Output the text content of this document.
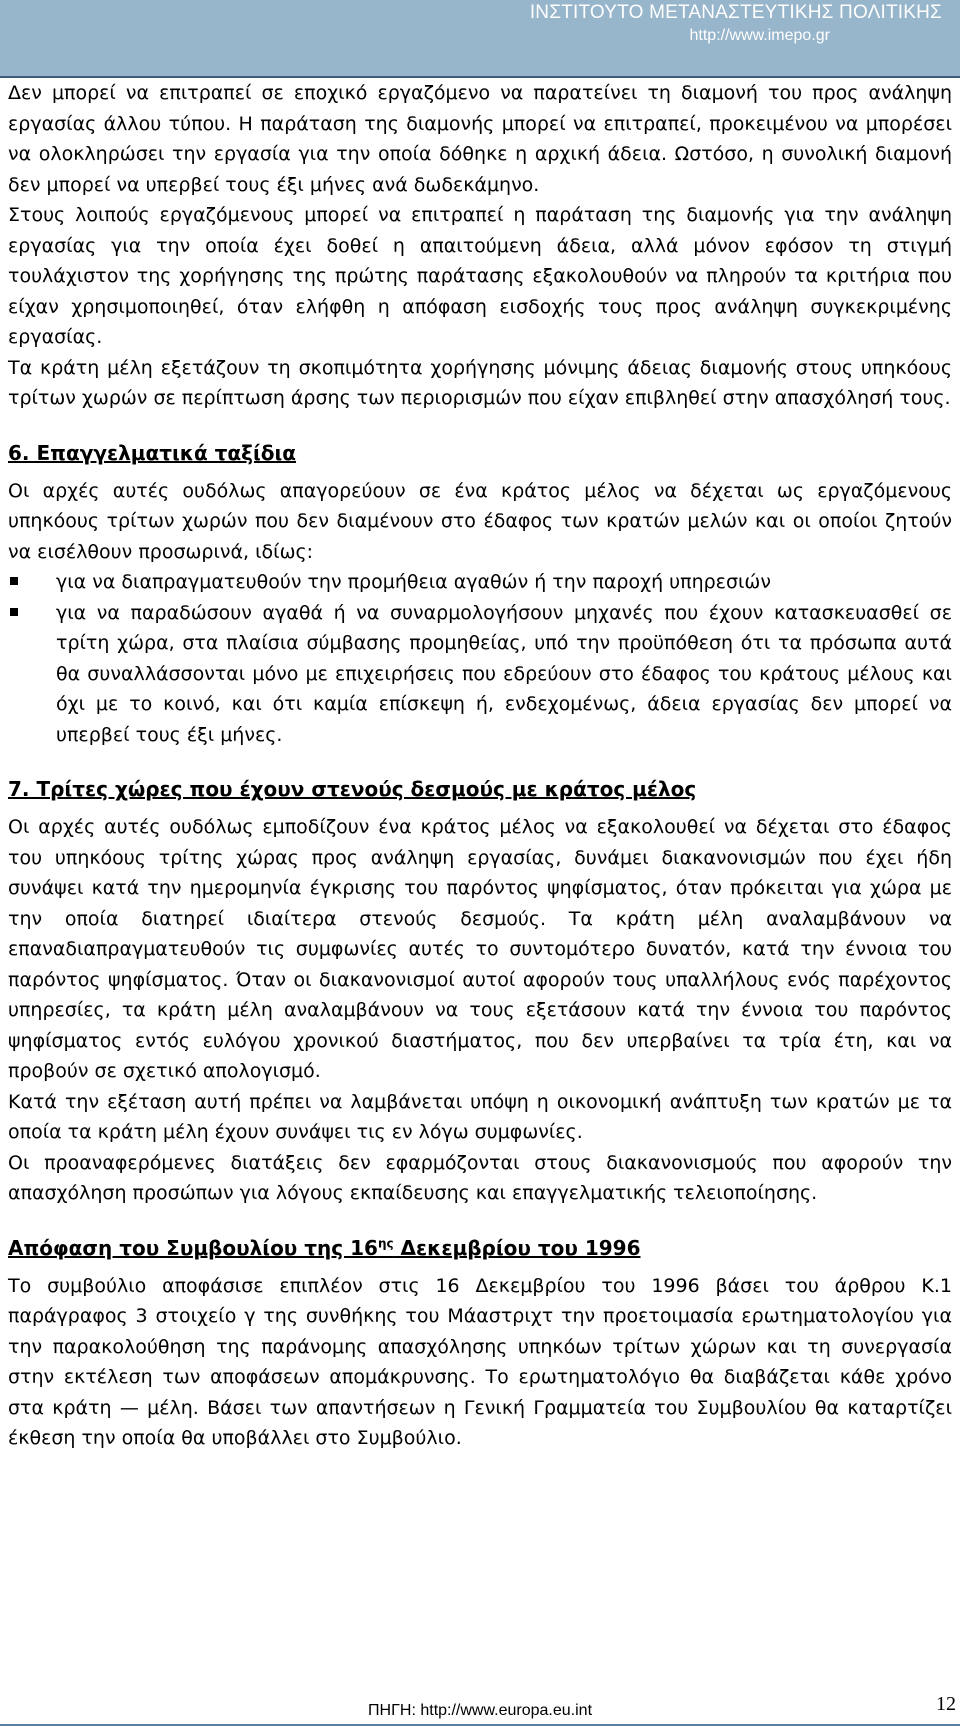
ΙΝΣΤΙΤΟΥΤΟ ΜΕΤΑΝΑΣΤΕΥΤΙΚΗΣ ΠΟΛΙΤΙΚΗΣ
http://www.imepo.gr

Δεν μπορεί να επιτραπεί σε εποχικό εργαζόμενο να παρατείνει τη διαμονή του προς ανάληψη εργασίας άλλου τύπου. Η παράταση της διαμονής μπορεί να επιτραπεί, προκειμένου να μπορέσει να ολοκληρώσει την εργασία για την οποία δόθηκε η αρχική άδεια. Ωστόσο, η συνολική διαμονή δεν μπορεί να υπερβεί τους έξι μήνες ανά δωδεκάμηνο.

Στους λοιπούς εργαζόμενους μπορεί να επιτραπεί η παράταση της διαμονής για την ανάληψη εργασίας για την οποία έχει δοθεί η απαιτούμενη άδεια, αλλά μόνον εφόσον τη στιγμή τουλάχιστον της χορήγησης της πρώτης παράτασης εξακολουθούν να πληρούν τα κριτήρια που είχαν χρησιμοποιηθεί, όταν ελήφθη η απόφαση εισδοχής τους προς ανάληψη συγκεκριμένης εργασίας.

Τα κράτη μέλη εξετάζουν τη σκοπιμότητα χορήγησης μόνιμης άδειας διαμονής στους υπηκόους τρίτων χωρών σε περίπτωση άρσης των περιορισμών που είχαν επιβληθεί στην απασχόλησή τους.

6. Επαγγελματικά ταξίδια

Οι αρχές αυτές ουδόλως απαγορεύουν σε ένα κράτος μέλος να δέχεται ως εργαζόμενους υπηκόους τρίτων χωρών που δεν διαμένουν στο έδαφος των κρατών μελών και οι οποίοι ζητούν να εισέλθουν προσωρινά, ιδίως:

για να διαπραγματευθούν την προμήθεια αγαθών ή την παροχή υπηρεσιών
για να παραδώσουν αγαθά ή να συναρμολογήσουν μηχανές που έχουν κατασκευασθεί σε τρίτη χώρα, στα πλαίσια σύμβασης προμηθείας, υπό την προϋπόθεση ότι τα πρόσωπα αυτά θα συναλλάσσονται μόνο με επιχειρήσεις που εδρεύουν στο έδαφος του κράτους μέλους και όχι με το κοινό, και ότι καμία επίσκεψη ή, ενδεχομένως, άδεια εργασίας δεν μπορεί να υπερβεί τους έξι μήνες.
7. Τρίτες χώρες που έχουν στενούς δεσμούς με κράτος μέλος

Οι αρχές αυτές ουδόλως εμποδίζουν ένα κράτος μέλος να εξακολουθεί να δέχεται στο έδαφος του υπηκόους τρίτης χώρας προς ανάληψη εργασίας, δυνάμει διακανονισμών που έχει ήδη συνάψει κατά την ημερομηνία έγκρισης του παρόντος ψηφίσματος, όταν πρόκειται για χώρα με την οποία διατηρεί ιδιαίτερα στενούς δεσμούς. Τα κράτη μέλη αναλαμβάνουν να επαναδιαπραγματευθούν τις συμφωνίες αυτές το συντομότερο δυνατόν, κατά την έννοια του παρόντος ψηφίσματος. Όταν οι διακανονισμοί αυτοί αφορούν τους υπαλλήλους ενός παρέχοντος υπηρεσίες, τα κράτη μέλη αναλαμβάνουν να τους εξετάσουν κατά την έννοια του παρόντος ψηφίσματος εντός ευλόγου χρονικού διαστήματος, που δεν υπερβαίνει τα τρία έτη, και να προβούν σε σχετικό απολογισμό.

Κατά την εξέταση αυτή πρέπει να λαμβάνεται υπόψη η οικονομική ανάπτυξη των κρατών με τα οποία τα κράτη μέλη έχουν συνάψει τις εν λόγω συμφωνίες.

Οι προαναφερόμενες διατάξεις δεν εφαρμόζονται στους διακανονισμούς που αφορούν την απασχόληση προσώπων για λόγους εκπαίδευσης και επαγγελματικής τελειοποίησης.

Απόφαση του Συμβουλίου της $16^{\eta\varsigma}$ Δεκεμβρίου του 1996

Το συμβούλιο αποφάσισε επιπλέον στις 16 Δεκεμβρίου του 1996 βάσει του άρθρου Κ.1 παράγραφος 3 στοιχείο γ της συνθήκης του Μάαστριχτ την προετοιμασία ερωτηματολογίου για την παρακολούθηση της παράνομης απασχόλησης υπηκόων τρίτων χώρων και τη συνεργασία στην εκτέλεση των αποφάσεων απομάκρυνσης. Το ερωτηματολόγιο θα διαβάζεται κάθε χρόνο στα κράτη — μέλη. Βάσει των απαντήσεων η Γενική Γραμματεία του Συμβουλίου θα καταρτίζει έκθεση την οποία θα υποβάλλει στο Συμβούλιο.

ΠΗΓΗ: http://www.europa.eu.int	12
